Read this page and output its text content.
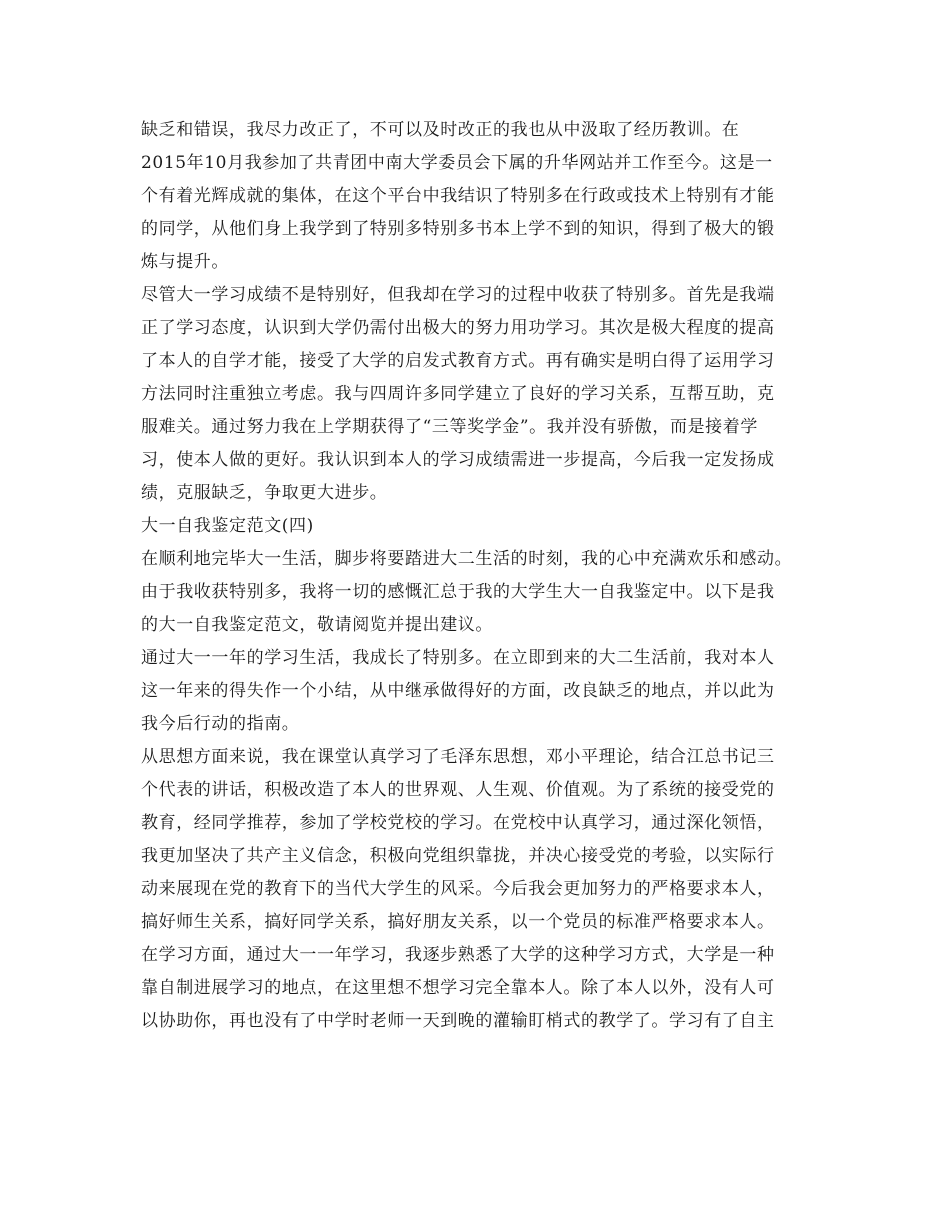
缺乏和错误，我尽力改正了，不可以及时改正的我也从中汲取了经历教训。在
2015年10月我参加了共青团中南大学委员会下属的升华网站并工作至今。这是一
个有着光辉成就的集体，在这个平台中我结识了特别多在行政或技术上特别有才能
的同学，从他们身上我学到了特别多特别多书本上学不到的知识，得到了极大的锻
炼与提升。
尽管大一学习成绩不是特别好，但我却在学习的过程中收获了特别多。首先是我端
正了学习态度，认识到大学仍需付出极大的努力用功学习。其次是极大程度的提高
了本人的自学才能，接受了大学的启发式教育方式。再有确实是明白得了运用学习
方法同时注重独立考虑。我与四周许多同学建立了良好的学习关系，互帮互助，克
服难关。通过努力我在上学期获得了“三等奖学金”。我并没有骄傲，而是接着学
习，使本人做的更好。我认识到本人的学习成绩需进一步提高，今后我一定发扬成
绩，克服缺乏，争取更大进步。
大一自我鉴定范文(四)
在顺利地完毕大一生活，脚步将要踏进大二生活的时刻，我的心中充满欢乐和感动。
由于我收获特别多，我将一切的感慨汇总于我的大学生大一自我鉴定中。以下是我
的大一自我鉴定范文，敬请阅览并提出建议。
通过大一一年的学习生活，我成长了特别多。在立即到来的大二生活前，我对本人
这一年来的得失作一个小结，从中继承做得好的方面，改良缺乏的地点，并以此为
我今后行动的指南。
从思想方面来说，我在课堂认真学习了毛泽东思想，邓小平理论，结合江总书记三
个代表的讲话，积极改造了本人的世界观、人生观、价值观。为了系统的接受党的
教育，经同学推荐，参加了学校党校的学习。在党校中认真学习，通过深化领悟，
我更加坚决了共产主义信念，积极向党组织靠拢，并决心接受党的考验，以实际行
动来展现在党的教育下的当代大学生的风采。今后我会更加努力的严格要求本人，
搞好师生关系，搞好同学关系，搞好朋友关系，以一个党员的标准严格要求本人。
在学习方面，通过大一一年学习，我逐步熟悉了大学的这种学习方式，大学是一种
靠自制进展学习的地点，在这里想不想学习完全靠本人。除了本人以外，没有人可
以协助你，再也没有了中学时老师一天到晚的灌输盯梢式的教学了。学习有了自主
